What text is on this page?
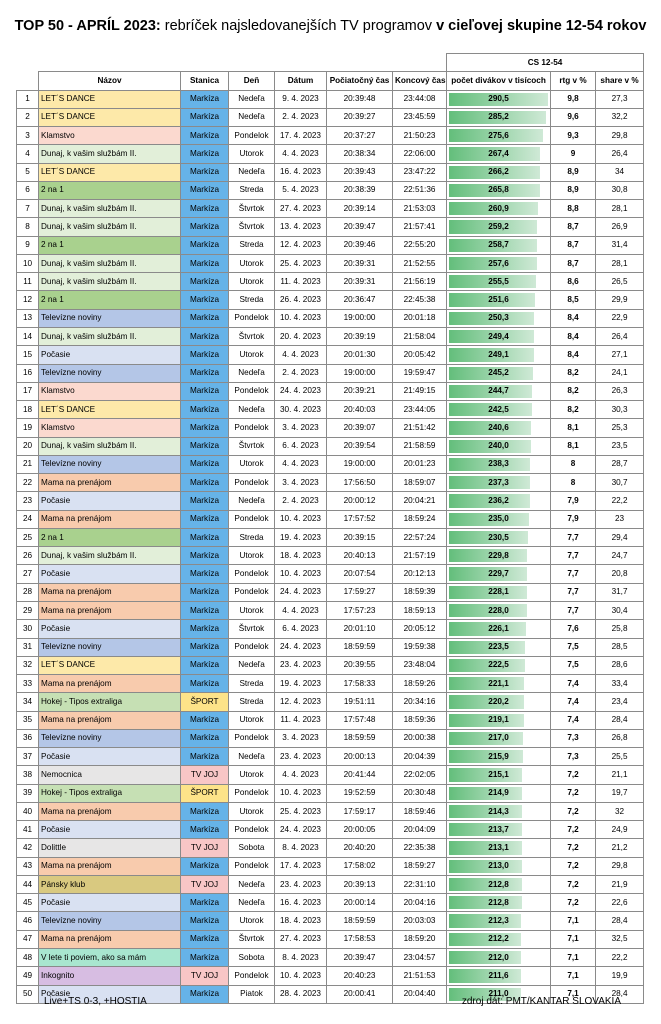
TOP 50 - APRÍL 2023: rebríček najsledovanejších TV programov v cieľovej skupine 12-54 rokov
							CS 12-54		
	Názov	Stanica	Deň	Dátum	Počiatočný čas	Koncový čas	počet divákov v tisícoch	rtg v %	share v %
1	LET´S DANCE	Markíza	Nedeľa	9. 4. 2023	20:39:48	23:44:08	290,5	9,8	27,3
2	LET´S DANCE	Markíza	Nedeľa	2. 4. 2023	20:39:27	23:45:59	285,2	9,6	32,2
3	Klamstvo	Markíza	Pondelok	17. 4. 2023	20:37:27	21:50:23	275,6	9,3	29,8
4	Dunaj, k vašim službám II.	Markíza	Utorok	4. 4. 2023	20:38:34	22:06:00	267,4	9	26,4
5	LET´S DANCE	Markíza	Nedeľa	16. 4. 2023	20:39:43	23:47:22	266,2	8,9	34
6	2 na 1	Markíza	Streda	5. 4. 2023	20:38:39	22:51:36	265,8	8,9	30,8
7	Dunaj, k vašim službám II.	Markíza	Štvrtok	27. 4. 2023	20:39:14	21:53:03	260,9	8,8	28,1
8	Dunaj, k vašim službám II.	Markíza	Štvrtok	13. 4. 2023	20:39:47	21:57:41	259,2	8,7	26,9
9	2 na 1	Markíza	Streda	12. 4. 2023	20:39:46	22:55:20	258,7	8,7	31,4
10	Dunaj, k vašim službám II.	Markíza	Utorok	25. 4. 2023	20:39:31	21:52:55	257,6	8,7	28,1
11	Dunaj, k vašim službám II.	Markíza	Utorok	11. 4. 2023	20:39:31	21:56:19	255,5	8,6	26,5
12	2 na 1	Markíza	Streda	26. 4. 2023	20:36:47	22:45:38	251,6	8,5	29,9
13	Televízne noviny	Markíza	Pondelok	10. 4. 2023	19:00:00	20:01:18	250,3	8,4	22,9
14	Dunaj, k vašim službám II.	Markíza	Štvrtok	20. 4. 2023	20:39:19	21:58:04	249,4	8,4	26,4
15	Počasie	Markíza	Utorok	4. 4. 2023	20:01:30	20:05:42	249,1	8,4	27,1
16	Televízne noviny	Markíza	Nedeľa	2. 4. 2023	19:00:00	19:59:47	245,2	8,2	24,1
17	Klamstvo	Markíza	Pondelok	24. 4. 2023	20:39:21	21:49:15	244,7	8,2	26,3
18	LET´S DANCE	Markíza	Nedeľa	30. 4. 2023	20:40:03	23:44:05	242,5	8,2	30,3
19	Klamstvo	Markíza	Pondelok	3. 4. 2023	20:39:07	21:51:42	240,6	8,1	25,3
20	Dunaj, k vašim službám II.	Markíza	Štvrtok	6. 4. 2023	20:39:54	21:58:59	240,0	8,1	23,5
21	Televízne noviny	Markíza	Utorok	4. 4. 2023	19:00:00	20:01:23	238,3	8	28,7
22	Mama na prenájom	Markíza	Pondelok	3. 4. 2023	17:56:50	18:59:07	237,3	8	30,7
23	Počasie	Markíza	Nedeľa	2. 4. 2023	20:00:12	20:04:21	236,2	7,9	22,2
24	Mama na prenájom	Markíza	Pondelok	10. 4. 2023	17:57:52	18:59:24	235,0	7,9	23
25	2 na 1	Markíza	Streda	19. 4. 2023	20:39:15	22:57:24	230,5	7,7	29,4
26	Dunaj, k vašim službám II.	Markíza	Utorok	18. 4. 2023	20:40:13	21:57:19	229,8	7,7	24,7
27	Počasie	Markíza	Pondelok	10. 4. 2023	20:07:54	20:12:13	229,7	7,7	20,8
28	Mama na prenájom	Markíza	Pondelok	24. 4. 2023	17:59:27	18:59:39	228,1	7,7	31,7
29	Mama na prenájom	Markíza	Utorok	4. 4. 2023	17:57:23	18:59:13	228,0	7,7	30,4
30	Počasie	Markíza	Štvrtok	6. 4. 2023	20:01:10	20:05:12	226,1	7,6	25,8
31	Televízne noviny	Markíza	Pondelok	24. 4. 2023	18:59:59	19:59:38	223,5	7,5	28,5
32	LET´S DANCE	Markíza	Nedeľa	23. 4. 2023	20:39:55	23:48:04	222,5	7,5	28,6
33	Mama na prenájom	Markíza	Streda	19. 4. 2023	17:58:33	18:59:26	221,1	7,4	33,4
34	Hokej - Tipos extraliga	ŠPORT	Streda	12. 4. 2023	19:51:11	20:34:16	220,2	7,4	23,4
35	Mama na prenájom	Markíza	Utorok	11. 4. 2023	17:57:48	18:59:36	219,1	7,4	28,4
36	Televízne noviny	Markíza	Pondelok	3. 4. 2023	18:59:59	20:00:38	217,0	7,3	26,8
37	Počasie	Markíza	Nedeľa	23. 4. 2023	20:00:13	20:04:39	215,9	7,3	25,5
38	Nemocnica	TV JOJ	Utorok	4. 4. 2023	20:41:44	22:02:05	215,1	7,2	21,1
39	Hokej - Tipos extraliga	ŠPORT	Pondelok	10. 4. 2023	19:52:59	20:30:48	214,9	7,2	19,7
40	Mama na prenájom	Markíza	Utorok	25. 4. 2023	17:59:17	18:59:46	214,3	7,2	32
41	Počasie	Markíza	Pondelok	24. 4. 2023	20:00:05	20:04:09	213,7	7,2	24,9
42	Dolittle	TV JOJ	Sobota	8. 4. 2023	20:40:20	22:35:38	213,1	7,2	21,2
43	Mama na prenájom	Markíza	Pondelok	17. 4. 2023	17:58:02	18:59:27	213,0	7,2	29,8
44	Pánsky klub	TV JOJ	Nedeľa	23. 4. 2023	20:39:13	22:31:10	212,8	7,2	21,9
45	Počasie	Markíza	Nedeľa	16. 4. 2023	20:00:14	20:04:16	212,8	7,2	22,6
46	Televízne noviny	Markíza	Utorok	18. 4. 2023	18:59:59	20:03:03	212,3	7,1	28,4
47	Mama na prenájom	Markíza	Štvrtok	27. 4. 2023	17:58:53	18:59:20	212,2	7,1	32,5
48	V lete ti poviem, ako sa mám	Markíza	Sobota	8. 4. 2023	20:39:47	23:04:57	212,0	7,1	22,2
49	Inkognito	TV JOJ	Pondelok	10. 4. 2023	20:40:23	21:51:53	211,6	7,1	19,9
50	Počasie	Markíza	Piatok	28. 4. 2023	20:00:41	20:04:40	211,0	7,1	28,4
Live+TS 0-3, +HOSTIA	zdroj dát: PMT/KANTAR SLOVAKIA
